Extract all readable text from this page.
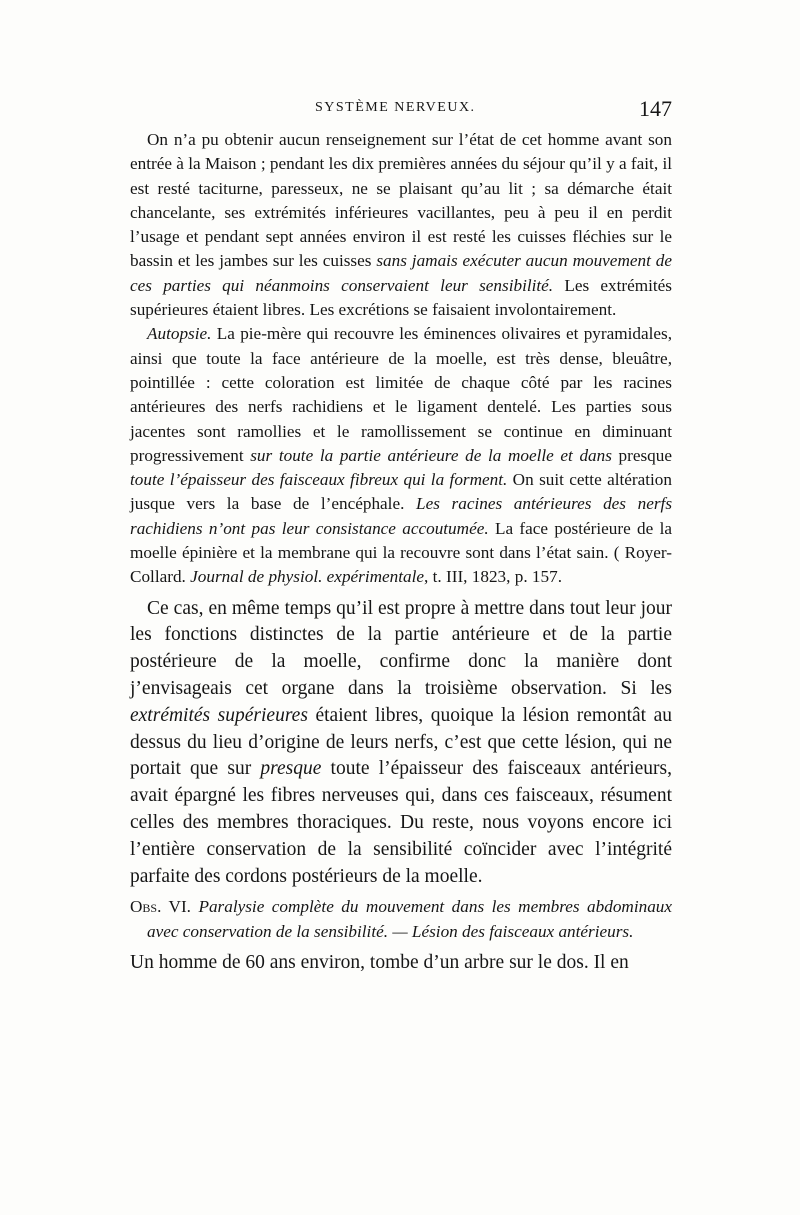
SYSTÈME NERVEUX.	147

On n’a pu obtenir aucun renseignement sur l’état de cet homme avant son entrée à la Maison ; pendant les dix premières années du séjour qu’il y a fait, il est resté taciturne, paresseux, ne se plaisant qu’au lit ; sa démarche était chancelante, ses extrémités inférieures vacillantes, peu à peu il en perdit l’usage et pendant sept années environ il est resté les cuisses fléchies sur le bassin et les jambes sur les cuisses sans jamais exécuter aucun mouvement de ces parties qui néanmoins conservaient leur sensibilité. Les extrémités supérieures étaient libres. Les excrétions se faisaient involontairement.

Autopsie. La pie-mère qui recouvre les éminences olivaires et pyramidales, ainsi que toute la face antérieure de la moelle, est très dense, bleuâtre, pointillée : cette coloration est limitée de chaque côté par les racines antérieures des nerfs rachidiens et le ligament dentelé. Les parties sous jacentes sont ramollies et le ramollissement se continue en diminuant progressivement sur toute la partie antérieure de la moelle et dans presque toute l’épaisseur des faisceaux fibreux qui la forment. On suit cette altération jusque vers la base de l’encéphale. Les racines antérieures des nerfs rachidiens n’ont pas leur consistance accoutumée. La face postérieure de la moelle épinière et la membrane qui la recouvre sont dans l’état sain. ( Royer-Collard. Journal de physiol. expérimentale, t. III, 1823, p. 157.

Ce cas, en même temps qu’il est propre à mettre dans tout leur jour les fonctions distinctes de la partie antérieure et de la partie postérieure de la moelle, confirme donc la manière dont j’envisageais cet organe dans la troisième observation. Si les extrémités supérieures étaient libres, quoique la lésion remontât au dessus du lieu d’origine de leurs nerfs, c’est que cette lésion, qui ne portait que sur presque toute l’épaisseur des faisceaux antérieurs, avait épargné les fibres nerveuses qui, dans ces faisceaux, résument celles des membres thoraciques. Du reste, nous voyons encore ici l’entière conservation de la sensibilité coïncider avec l’intégrité parfaite des cordons postérieurs de la moelle.

Obs. VI. Paralysie complète du mouvement dans les membres abdominaux avec conservation de la sensibilité. — Lésion des faisceaux antérieurs.

Un homme de 60 ans environ, tombe d’un arbre sur le dos. Il en
